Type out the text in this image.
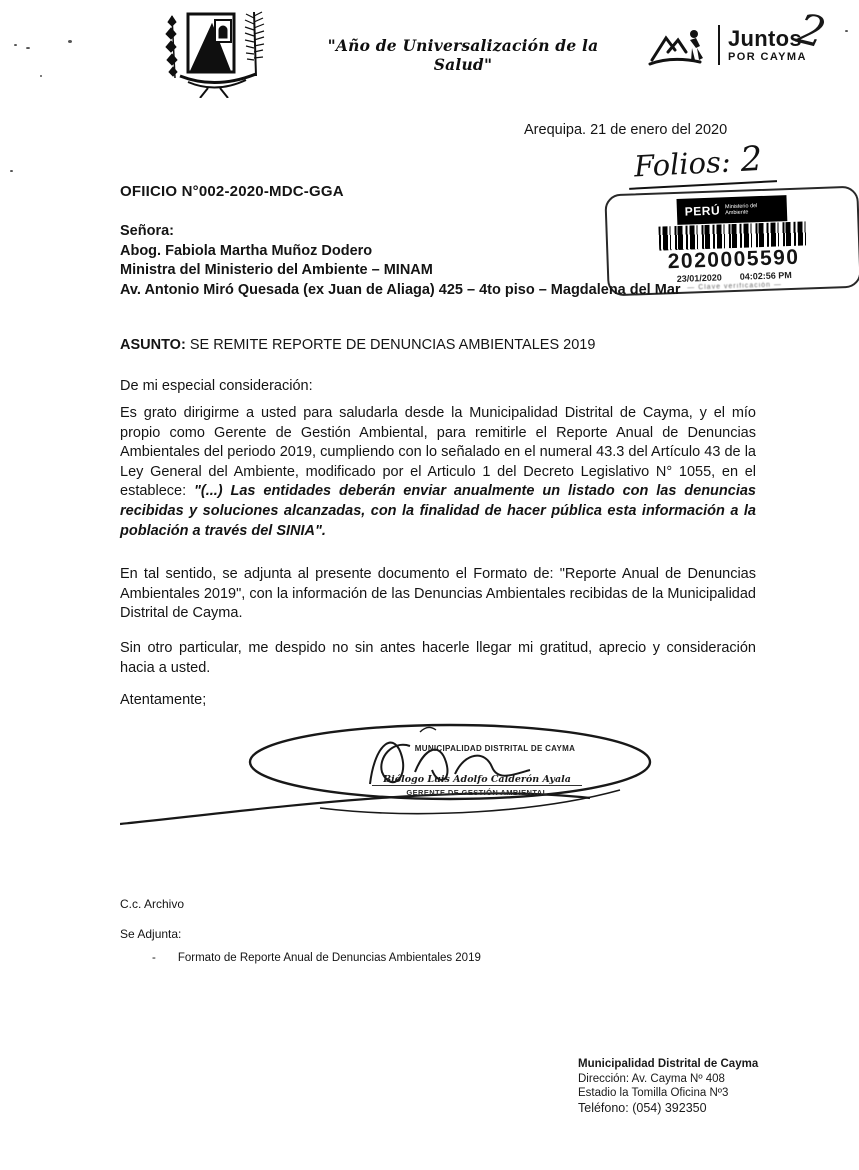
"Año de Universalización de la Salud"
Juntos
POR CAYMA
2
Arequipa. 21 de enero del 2020
Folios: 2
PERÚ Ministerio del Ambiente
2020005590
23/01/2020 04:02:56 PM
— Clave verificación —
OFIICIO N°002-2020-MDC-GGA
Señora:
Abog. Fabiola Martha Muñoz Dodero
Ministra del Ministerio del Ambiente – MINAM
Av. Antonio Miró Quesada (ex Juan de Aliaga) 425 – 4to piso – Magdalena del Mar
ASUNTO: SE REMITE REPORTE DE DENUNCIAS AMBIENTALES 2019
De mi especial consideración:
Es grato dirigirme a usted para saludarla desde la Municipalidad Distrital de Cayma, y el mío propio como Gerente de Gestión Ambiental, para remitirle el Reporte Anual de Denuncias Ambientales del periodo 2019, cumpliendo con lo señalado en el numeral 43.3 del Artículo 43 de la Ley General del Ambiente, modificado por el Articulo 1 del Decreto Legislativo N° 1055, en el establece: "(...) Las entidades deberán enviar anualmente un listado con las denuncias recibidas y soluciones alcanzadas, con la finalidad de hacer pública esta información a la población a través del SINIA".
En tal sentido, se adjunta al presente documento el Formato de: "Reporte Anual de Denuncias Ambientales 2019", con la información de las Denuncias Ambientales recibidas de la Municipalidad Distrital de Cayma.
Sin otro particular, me despido no sin antes hacerle llegar mi gratitud, aprecio y consideración hacia a usted.
Atentamente;
MUNICIPALIDAD DISTRITAL DE CAYMA
Biólogo Luis Adolfo Calderón Ayala
GERENTE DE GESTIÓN AMBIENTAL
C.c. Archivo
Se Adjunta:
- Formato de Reporte Anual de Denuncias Ambientales 2019
Municipalidad Distrital de Cayma
Dirección: Av. Cayma Nº 408
Estadio la Tomilla Oficina Nº3
Teléfono: (054) 392350
